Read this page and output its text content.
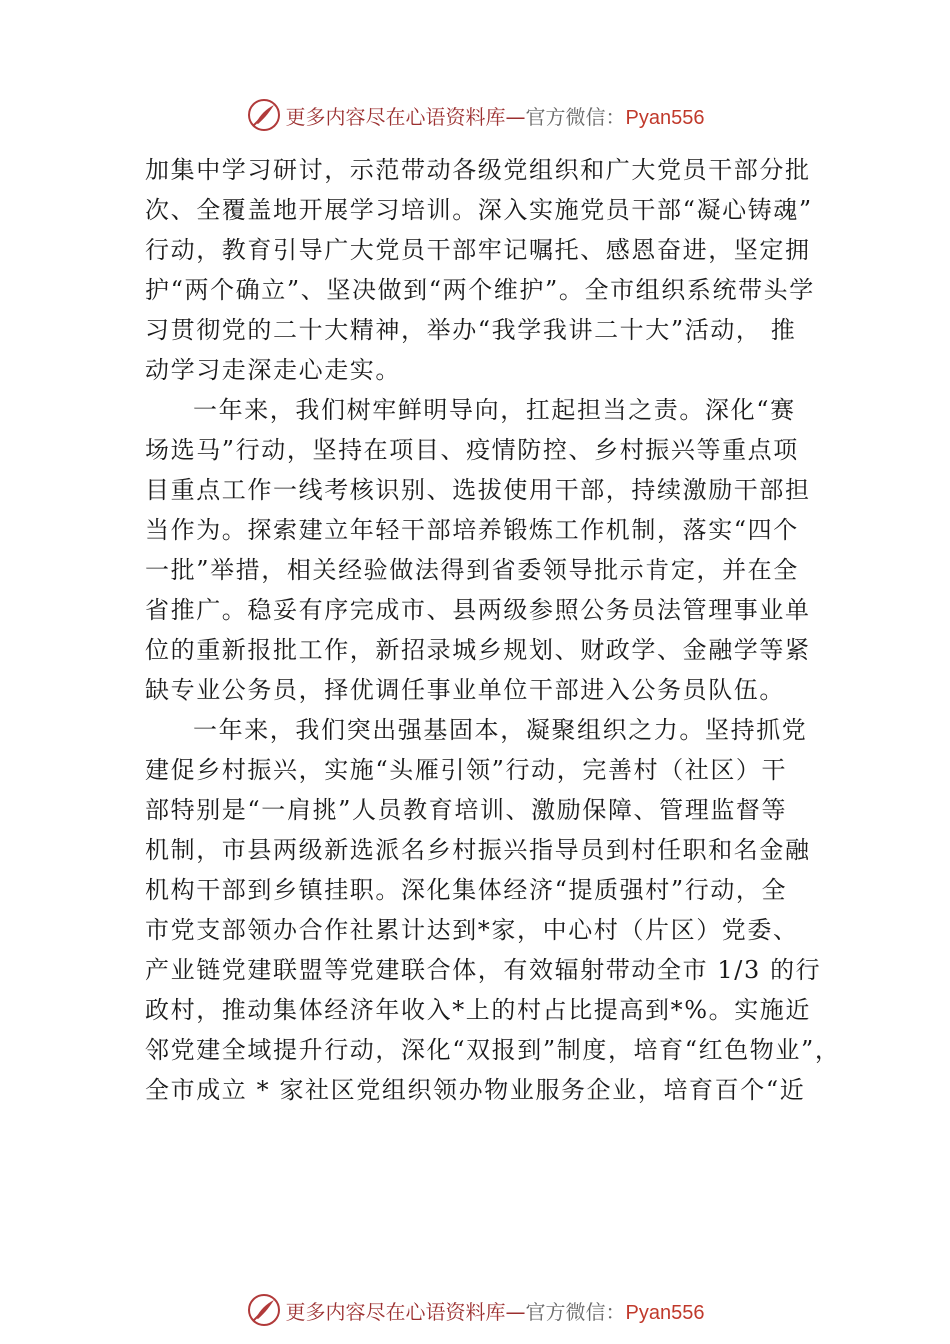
更多内容尽在心语资料库—官方微信：Pyan556
加集中学习研讨，示范带动各级党组织和广大党员干部分批
次、全覆盖地开展学习培训。深入实施党员干部“凝心铸魂”
行动，教育引导广大党员干部牢记嘱托、感恩奋进，坚定拥
护“两个确立”、坚决做到“两个维护”。全市组织系统带头学
习贯彻党的二十大精神，举办“我学我讲二十大”活动， 推
动学习走深走心走实。
一年来，我们树牢鲜明导向，扛起担当之责。深化“赛
场选马”行动，坚持在项目、疫情防控、乡村振兴等重点项
目重点工作一线考核识别、选拔使用干部，持续激励干部担
当作为。探索建立年轻干部培养锻炼工作机制，落实“四个
一批”举措，相关经验做法得到省委领导批示肯定，并在全
省推广。稳妥有序完成市、县两级参照公务员法管理事业单
位的重新报批工作，新招录城乡规划、财政学、金融学等紧
缺专业公务员，择优调任事业单位干部进入公务员队伍。
一年来，我们突出强基固本，凝聚组织之力。坚持抓党
建促乡村振兴，实施“头雁引领”行动，完善村（社区）干
部特别是“一肩挑”人员教育培训、激励保障、管理监督等
机制，市县两级新选派名乡村振兴指导员到村任职和名金融
机构干部到乡镇挂职。深化集体经济“提质强村”行动，全
市党支部领办合作社累计达到*家，中心村（片区）党委、
产业链党建联盟等党建联合体，有效辐射带动全市 1/3 的行
政村，推动集体经济年收入*上的村占比提高到*%。实施近
邻党建全域提升行动，深化“双报到”制度，培育“红色物业”，
全市成立 * 家社区党组织领办物业服务企业，培育百个“近
更多内容尽在心语资料库—官方微信：Pyan556
